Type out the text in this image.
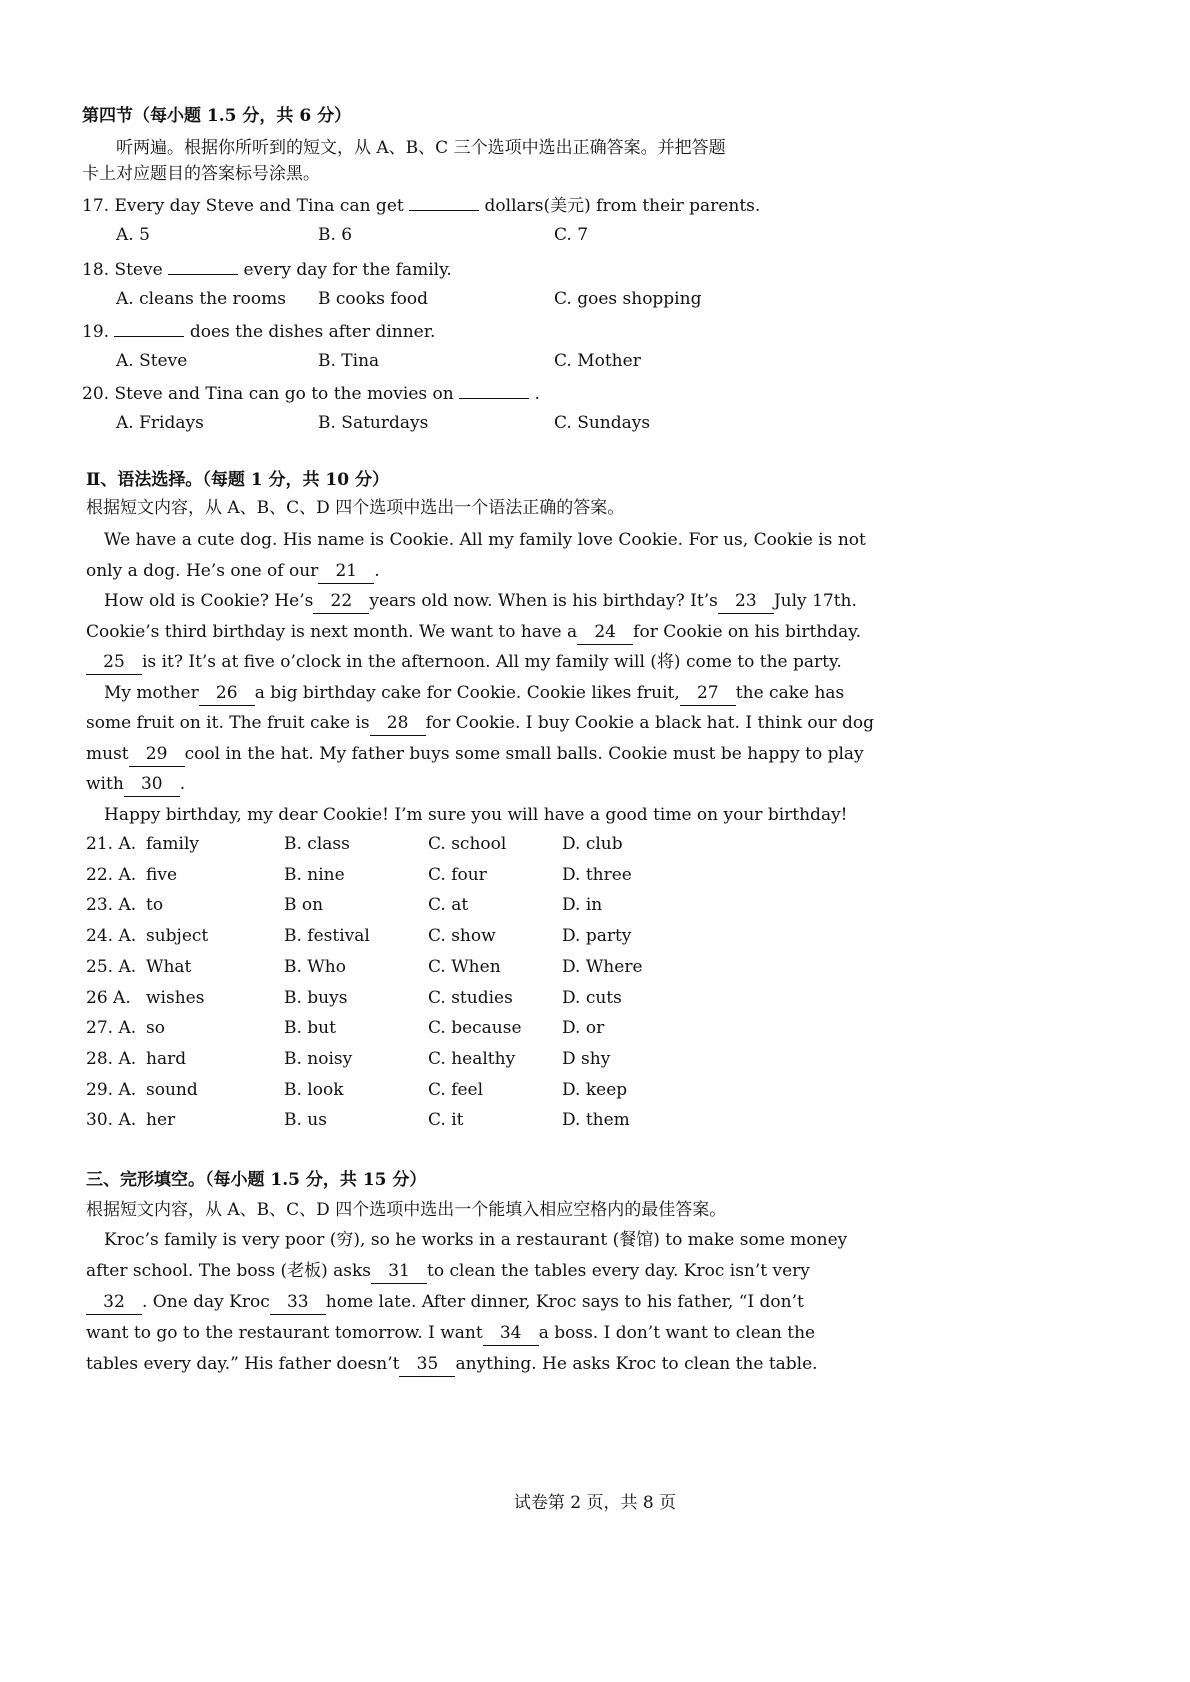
第四节（每小题 1.5 分，共 6 分）
听两遍。根据你所听到的短文，从 A、B、C 三个选项中选出正确答案。并把答题
卡上对应题目的答案标号涂黑。
17. Every day Steve and Tina can get	dollars(美元) from their parents.
A. 5	B. 6	C. 7
18. Steve	every day for the family.
A. cleans the rooms B cooks food	C. goes shopping
19.	does the dishes after dinner.
A. Steve	B. Tina	C. Mother
20. Steve and Tina can go to the movies on	.
A. Fridays	B. Saturdays	C. Sundays
Ⅱ、语法选择。（每题 1 分，共 10 分）
根据短文内容，从 A、B、C、D 四个选项中选出一个语法正确的答案。
We have a cute dog. His name is Cookie. All my family love Cookie. For us, Cookie is not
only a dog. He’s one of our 21 .
How old is Cookie? He’s 22 years old now. When is his birthday? It’s 23 July 17th.
Cookie’s third birthday is next month. We want to have a 24 for Cookie on his birthday.
25 is it? It’s at five o’clock in the afternoon. All my family will (将) come to the party.
My mother 26 a big birthday cake for Cookie. Cookie likes fruit, 27 the cake has
some fruit on it. The fruit cake is 28 for Cookie. I buy Cookie a black hat. I think our dog
must 29 cool in the hat. My father buys some small balls. Cookie must be happy to play
with 30 .
Happy birthday, my dear Cookie! I’m sure you will have a good time on your birthday!
21. A. family	B. class	C. school	D. club
22. A. five	B. nine	C. four	D. three
23. A. to	B on	C. at	D. in
24. A. subject	B. festival	C. show	D. party
25. A. What	B. Who	C. When	D. Where
26 A. wishes	B. buys	C. studies	D. cuts
27. A. so	B. but	C. because D. or
28. A. hard	B. noisy	C. healthy	D shy
29. A. sound	B. look	C. feel	D. keep
30. A. her	B. us	C. it	D. them
三、完形填空。（每小题 1.5 分，共 15 分）
根据短文内容，从 A、B、C、D 四个选项中选出一个能填入相应空格内的最佳答案。
Kroc’s family is very poor (穷), so he works in a restaurant (餐馆) to make some money
after school. The boss (老板) asks 31 to clean the tables every day. Kroc isn’t very
32 . One day Kroc 33 home late. After dinner, Kroc says to his father, “I don’t
want to go to the restaurant tomorrow. I want 34 a boss. I don’t want to clean the
tables every day.” His father doesn’t 35 anything. He asks Kroc to clean the table.
试卷第 2 页，共 8 页
